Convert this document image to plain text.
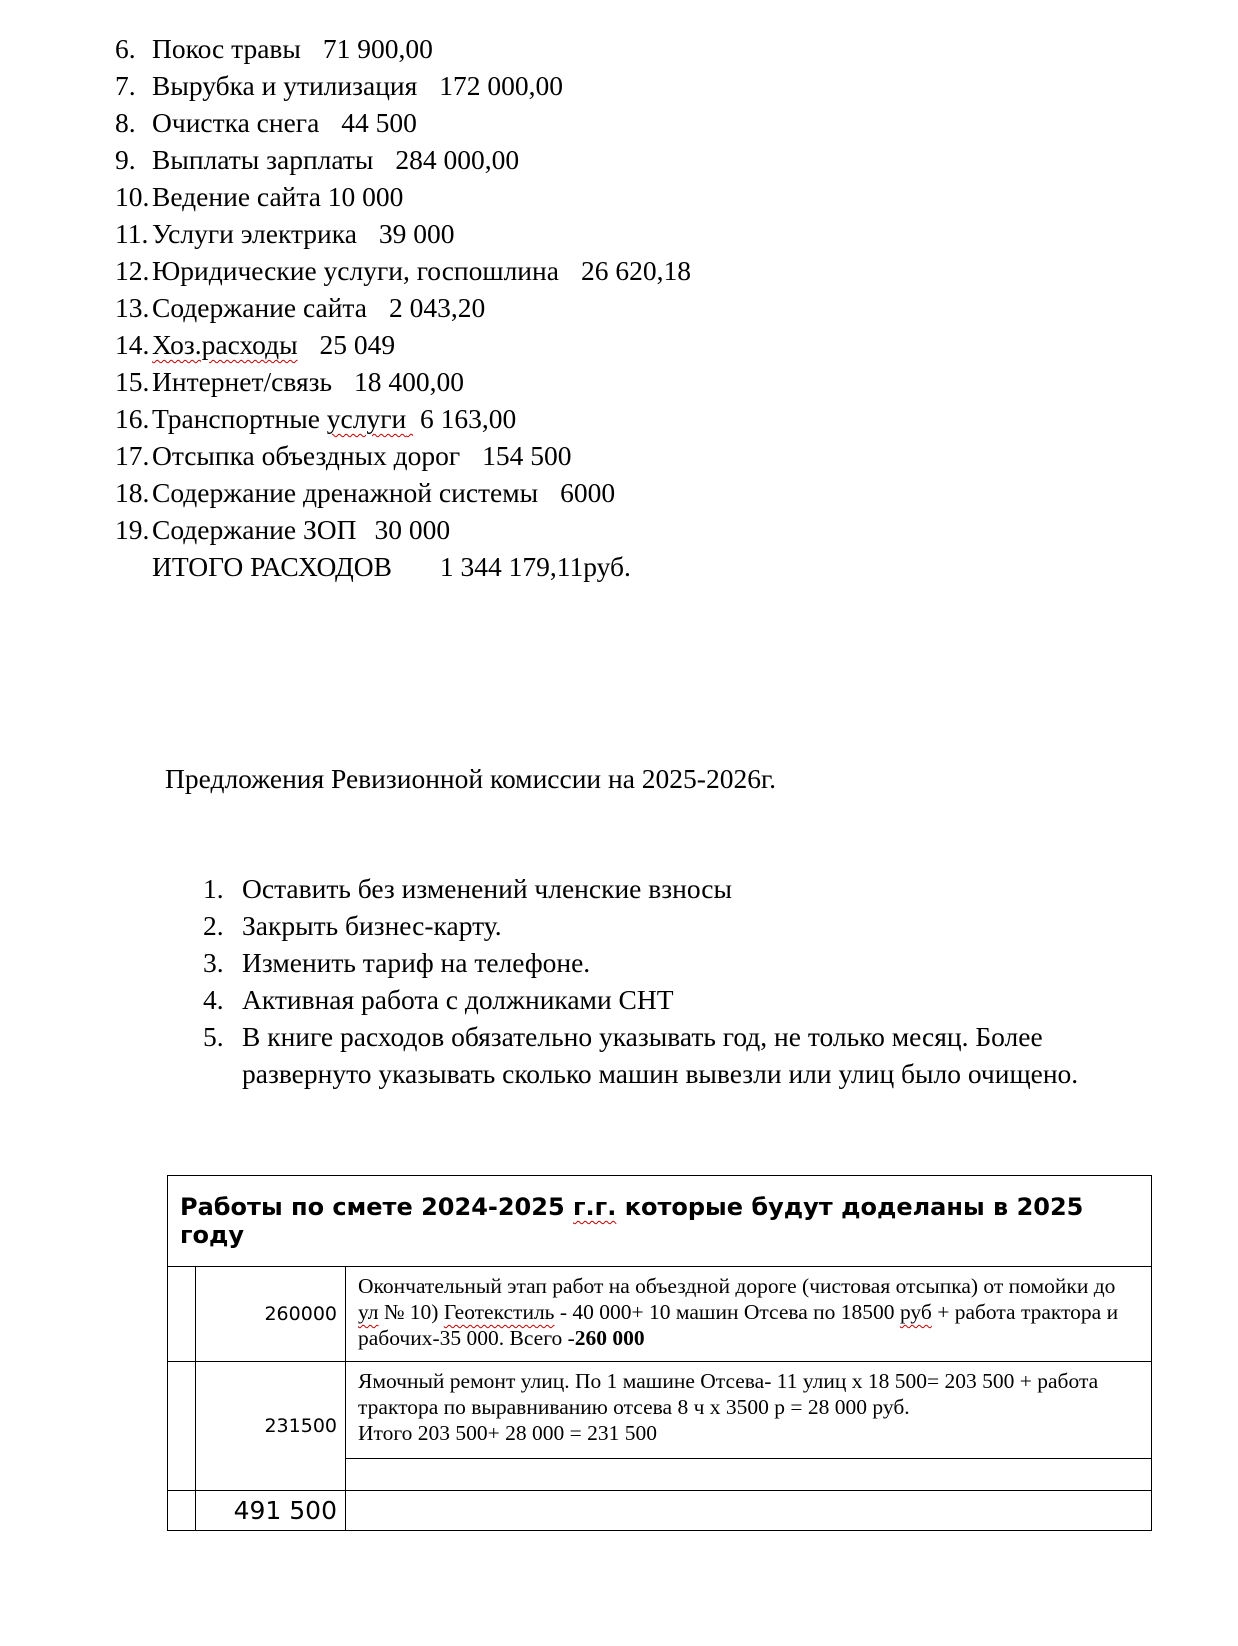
6. Покос травы 71 900,00
7. Вырубка и утилизация 172 000,00
8. Очистка снега 44 500
9. Выплаты зарплаты 284 000,00
10.Ведение сайта 10 000
11. Услуги электрика 39 000
12.Юридические услуги, госпошлина 26 620,18
13.Содержание сайта 2 043,20
14.Хоз.расходы 25 049
15.Интернет/связь 18 400,00
16.Транспортные услуги 6 163,00
17.Отсыпка объездных дорог 154 500
18.Содержание дренажной системы 6000
19.Содержание ЗОП 30 000
ИТОГО РАСХОДОВ 1 344 179,11руб.
Предложения Ревизионной комиссии на 2025-2026г.
1. Оставить без изменений членские взносы
2. Закрыть бизнес-карту.
3. Изменить тариф на телефоне.
4. Активная работа с должниками СНТ
5. В книге расходов обязательно указывать год, не только месяц. Более развернуто указывать сколько машин вывезли или улиц было очищено.
Работы по смете 2024-2025 г.г. которые будут доделаны в 2025 году		
	260000	Окончательный этап работ на объездной дороге (чистовая отсыпка) от помойки до ул № 10) Геотекстиль - 40 000+ 10 машин Отсева по 18500 руб + работа трактора и рабочих-35 000. Всего -260 000
	231500	Ямочный ремонт улиц. По 1 машине Отсева- 11 улиц х 18 500= 203 500 + работа трактора по выравниванию отсева 8 ч х 3500 р = 28 000 руб.
Итого 203 500+ 28 000 = 231 500

	491 500	
